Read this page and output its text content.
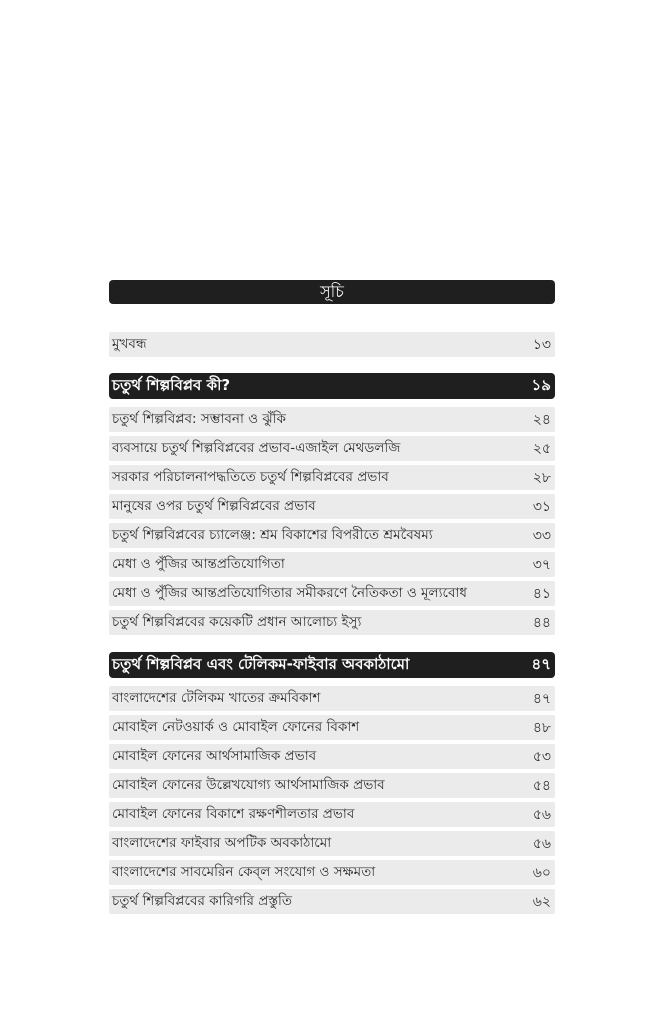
সূচি
মুখবন্ধ	১৩
চতুর্থ শিল্পবিপ্লব কী?	১৯
চতুর্থ শিল্পবিপ্লব: সম্ভাবনা ও ঝুঁকি	২৪
ব্যবসায়ে চতুর্থ শিল্পবিপ্লবের প্রভাব-এজাইল মেথডলজি	২৫
সরকার পরিচালনাপদ্ধতিতে চতুর্থ শিল্পবিপ্লবের প্রভাব	২৮
মানুষের ওপর চতুর্থ শিল্পবিপ্লবের প্রভাব	৩১
চতুর্থ শিল্পবিপ্লবের চ্যালেঞ্জ: শ্রম বিকাশের বিপরীতে শ্রমবৈষম্য	৩৩
মেধা ও পুঁজির আন্তপ্রতিযোগিতা	৩৭
মেধা ও পুঁজির আন্তপ্রতিযোগিতার সমীকরণে নৈতিকতা ও মূল্যবোধ	৪১
চতুর্থ শিল্পবিপ্লবের কয়েকটি প্রধান আলোচ্য ইস্যু	৪৪
চতুর্থ শিল্পবিপ্লব এবং টেলিকম-ফাইবার অবকাঠামো	৪৭
বাংলাদেশের টেলিকম খাতের ক্রমবিকাশ	৪৭
মোবাইল নেটওয়ার্ক ও মোবাইল ফোনের বিকাশ	৪৮
মোবাইল ফোনের আর্থসামাজিক প্রভাব	৫৩
মোবাইল ফোনের উল্লেখযোগ্য আর্থসামাজিক প্রভাব	৫৪
মোবাইল ফোনের বিকাশে রক্ষণশীলতার প্রভাব	৫৬
বাংলাদেশের ফাইবার অপটিক অবকাঠামো	৫৬
বাংলাদেশের সাবমেরিন কেব্‌ল সংযোগ ও সক্ষমতা	৬০
চতুর্থ শিল্পবিপ্লবের কারিগরি প্রস্তুতি	৬২
